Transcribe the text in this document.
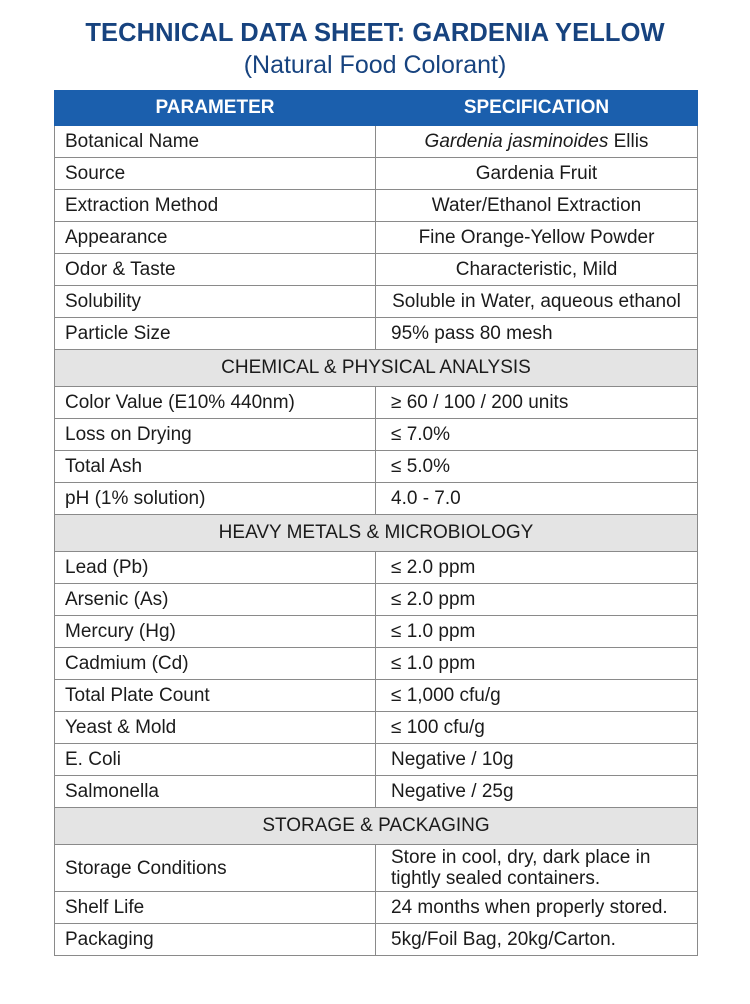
TECHNICAL DATA SHEET: GARDENIA YELLOW
(Natural Food Colorant)
PARAMETER	SPECIFICATION
Botanical Name	Gardenia jasminoides Ellis
Source	Gardenia Fruit
Extraction Method	Water/Ethanol Extraction
Appearance	Fine Orange-Yellow Powder
Odor & Taste	Characteristic, Mild
Solubility	Soluble in Water, aqueous ethanol
Particle Size	95% pass 80 mesh
CHEMICAL & PHYSICAL ANALYSIS	
Color Value (E10% 440nm)	≥ 60 / 100 / 200 units
Loss on Drying	≤ 7.0%
Total Ash	≤ 5.0%
pH (1% solution)	4.0 - 7.0
HEAVY METALS & MICROBIOLOGY	
Lead (Pb)	≤ 2.0 ppm
Arsenic (As)	≤ 2.0 ppm
Mercury (Hg)	≤ 1.0 ppm
Cadmium (Cd)	≤ 1.0 ppm
Total Plate Count	≤ 1,000 cfu/g
Yeast & Mold	≤ 100 cfu/g
E. Coli	Negative / 10g
Salmonella	Negative / 25g
STORAGE & PACKAGING	
Storage Conditions	Store in cool, dry, dark place in tightly sealed containers.
Shelf Life	24 months when properly stored.
Packaging	5kg/Foil Bag, 20kg/Carton.
